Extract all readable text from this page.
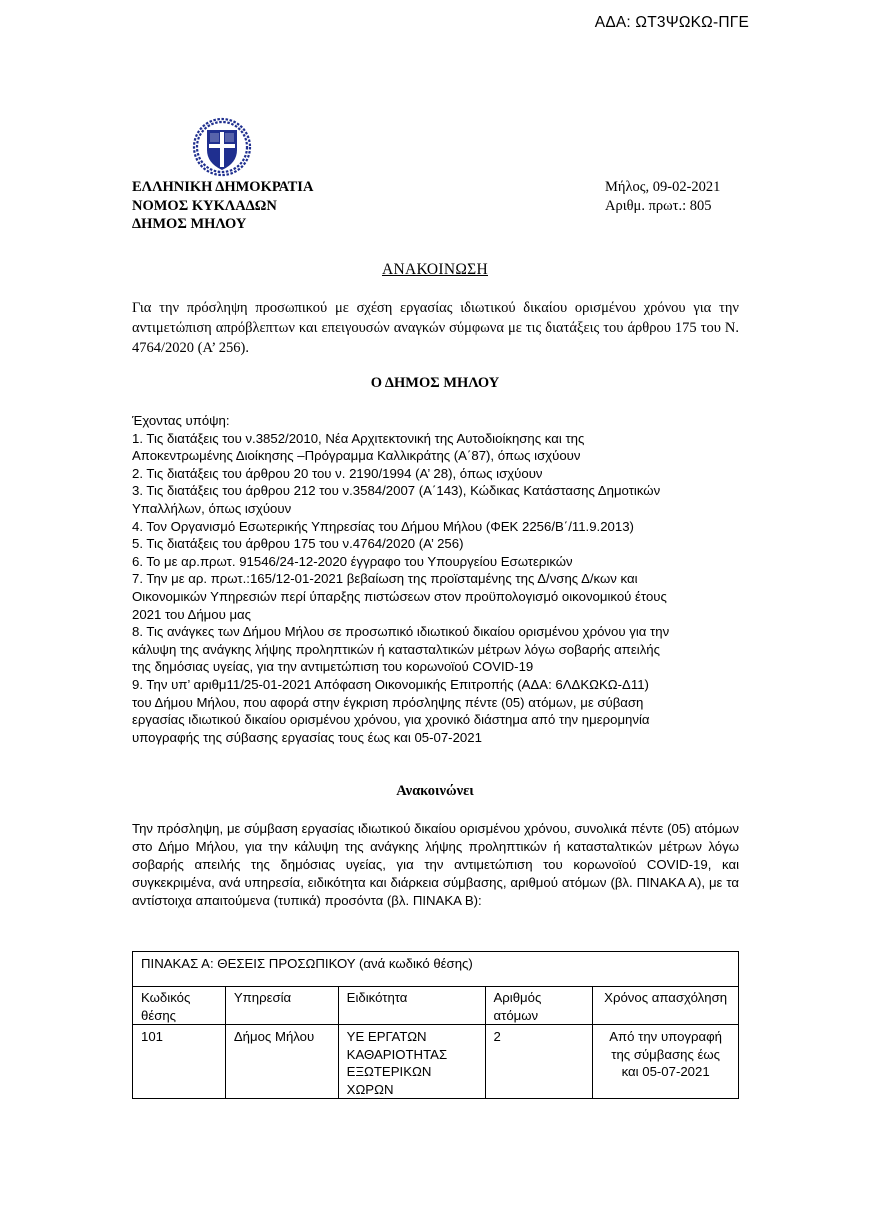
ΑΔΑ: ΩΤ3ΨΩΚΩ-ΠΓΕ
ΕΛΛΗΝΙΚΗ ΔΗΜΟΚΡΑΤΙΑ
ΝΟΜΟΣ ΚΥΚΛΑΔΩΝ
ΔΗΜΟΣ ΜΗΛΟΥ
Μήλος, 09-02-2021
Αριθμ. πρωτ.: 805
ΑΝΑΚΟΙΝΩΣΗ
Για την πρόσληψη προσωπικού με σχέση εργασίας ιδιωτικού δικαίου ορισμένου χρόνου για την αντιμετώπιση απρόβλεπτων και επειγουσών αναγκών σύμφωνα με τις διατάξεις του άρθρου 175 του Ν. 4764/2020 (Α’ 256).
Ο ΔΗΜΟΣ ΜΗΛΟΥ
Έχοντας υπόψη:
1. Τις διατάξεις του ν.3852/2010, Νέα Αρχιτεκτονική της Αυτοδιοίκησης και της
Αποκεντρωμένης Διοίκησης –Πρόγραμμα Καλλικράτης (Α΄87), όπως ισχύουν
2. Τις διατάξεις του άρθρου 20 του ν. 2190/1994 (Α’ 28), όπως ισχύουν
3. Τις διατάξεις του άρθρου 212 του ν.3584/2007 (Α΄143), Κώδικας Κατάστασης Δημοτικών
Υπαλλήλων, όπως ισχύουν
4. Τον Οργανισμό Εσωτερικής Υπηρεσίας του Δήμου Μήλου (ΦΕΚ 2256/Β΄/11.9.2013)
5. Τις διατάξεις του άρθρου 175 του ν.4764/2020 (Α’ 256)
6. Το με αρ.πρωτ. 91546/24-12-2020 έγγραφο του Υπουργείου Εσωτερικών
7. Την με αρ. πρωτ.:165/12-01-2021 βεβαίωση της προϊσταμένης της Δ/νσης Δ/κων και
Οικονομικών Υπηρεσιών περί ύπαρξης πιστώσεων στον προϋπολογισμό οικονομικού έτους
2021 του Δήμου μας
8. Τις ανάγκες των Δήμου Μήλου σε προσωπικό ιδιωτικού δικαίου ορισμένου χρόνου για την
κάλυψη της ανάγκης λήψης προληπτικών ή κατασταλτικών μέτρων λόγω σοβαρής απειλής
της δημόσιας υγείας, για την αντιμετώπιση του κορωνοϊού COVID-19
9. Την υπ’ αριθμ11/25-01-2021 Απόφαση Οικονομικής Επιτροπής (ΑΔΑ: 6ΛΔΚΩΚΩ-Δ11)
του Δήμου Μήλου, που αφορά στην έγκριση πρόσληψης πέντε (05) ατόμων, με σύβαση
εργασίας ιδιωτικού δικαίου ορισμένου χρόνου, για χρονικό διάστημα από την ημερομηνία
υπογραφής της σύβασης εργασίας τους έως και 05-07-2021
Ανακοινώνει
Την πρόσληψη, με σύμβαση εργασίας ιδιωτικού δικαίου ορισμένου χρόνου, συνολικά πέντε (05) ατόμων στο Δήμο Μήλου, για την κάλυψη της ανάγκης λήψης προληπτικών ή κατασταλτικών μέτρων λόγω σοβαρής απειλής της δημόσιας υγείας, για την αντιμετώπιση του κορωνοϊού COVID-19, και συγκεκριμένα, ανά υπηρεσία, ειδικότητα και διάρκεια σύμβασης, αριθμού ατόμων (βλ. ΠΙΝΑΚΑ Α), με τα αντίστοιχα απαιτούμενα (τυπικά) προσόντα (βλ. ΠΙΝΑΚΑ Β):
ΠΙΝΑΚΑΣ Α: ΘΕΣΕΙΣ ΠΡΟΣΩΠΙΚΟΥ (ανά κωδικό θέσης)				
Κωδικός θέσης	Υπηρεσία	Ειδικότητα	Αριθμός ατόμων	Χρόνος απασχόληση
101	Δήμος Μήλου	ΥΕ ΕΡΓΑΤΩΝ ΚΑΘΑΡΙΟΤΗΤΑΣ ΕΞΩΤΕΡΙΚΩΝ ΧΩΡΩΝ	2	Από την υπογραφή της σύμβασης έως και 05-07-2021
